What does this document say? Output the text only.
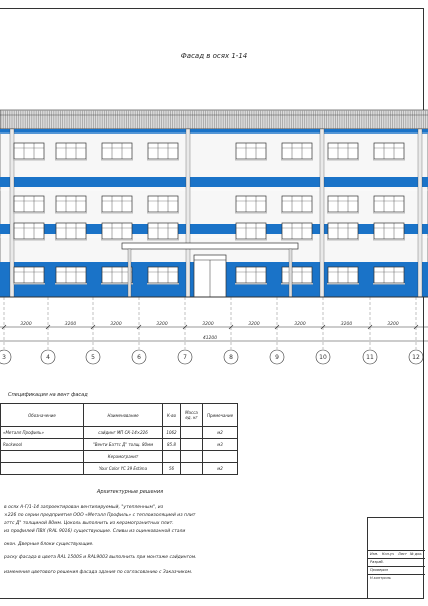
Фасад в осях 1-14
3200	3200	3200	3200	3200	3200	3200	3200	3200
41200
3	4	5	6	7	8	9	10	11	12
Спецификация на вент фасад
Обозначение	Наименование	К-во	Масса ед. кг	Примечание
«Металл Профиль»	сайдинг МП СК-14×226	1062		м2
Rockwool	"Венти Баттс Д" толщ. 80мм	85.8		м3
	Керамогранит			
	Your Color YC 39 Estima	56		м2
Архитектурные решения
в осях А-Г/1-14 запроектирован вентилируемый, "утепленным", из
×226 по серии предприятия ООО «Металл Профиль» с теплоизоляцией из плит
аттс Д" толщиной 80мм. Цоколь выполнить из керамогранитных плит.
из профилей ПВХ (RAL 9016) существующие. Сливы из оцинкованной стали
окон. Дверные блоки существующие.
раску фасада в цвета RAL 1500S и RAL9003 выполнить при монтаже сайдингом.
изменения цветового решения фасада здания по согласованию с Заказчиком.
Изм. Кол.уч Лист № док.
Разраб.
Проверил
Н.контроль
